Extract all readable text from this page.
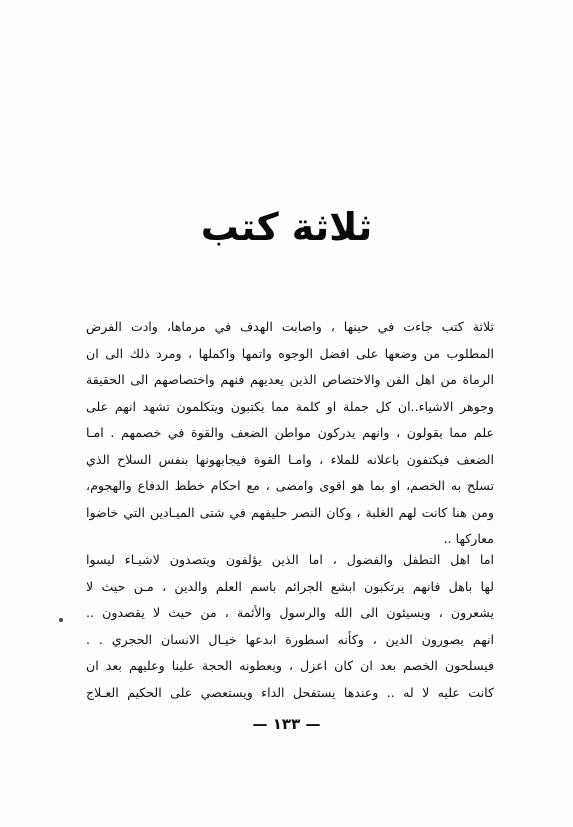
ثلاثة كتب
ثلاثة كتب جاءت في حينها ، واصابت الهدف في مرماها، وادت الفرض
المطلوب من وضعها على افضل الوجوه واتمها واكملها ، ومرد ذلك الى ان
الرماة من اهل الفن والاختصاص الذين يعديهم فنهم واختصاصهم الى الحقيقة
وجوهر الاشياء..ان كل جملة او كلمة مما يكتبون ويتكلمون تشهد انهم على
علم مما يقولون ، وانهم يدركون مواطن الضعف والقوة في خصمهم . امـا
الضعف فيكتفون باعلانه للملاء ، وامـا القوة فيجابهونها بنفس السلاح الذي
تسلح به الخصم، او بما هو اقوى وامضى ، مع احكام خطط الدفاع والهجوم،
ومن هنا كانت لهم الغلبة ، وكان النصر حليفهم في شتى الميـادين التي خاضوا
معاركها ..
اما اهل التطفل والفضول ، اما الذين يؤلفون ويتصدون لاشيـاء ليسوا
لها باهل فانهم يرتكبون ابشع الجرائم باسم العلم والدين ، مـن حيث لا
يشعرون ، ويسيئون الى الله والرسول والأئمة ، من حيث لا يقصدون ..
انهم يصورون الدين ، وكأنه اسطورة ابدعها خيـال الانسان الحجري . .
فيسلحون الخصم بعد ان كان اعزل ، ويعطونه الحجة علينا وعليهم بعد ان
كانت عليه لا له .. وعندها يستفحل الداء ويستعصي على الحكيم العـلاج
— ١٣٣ —
